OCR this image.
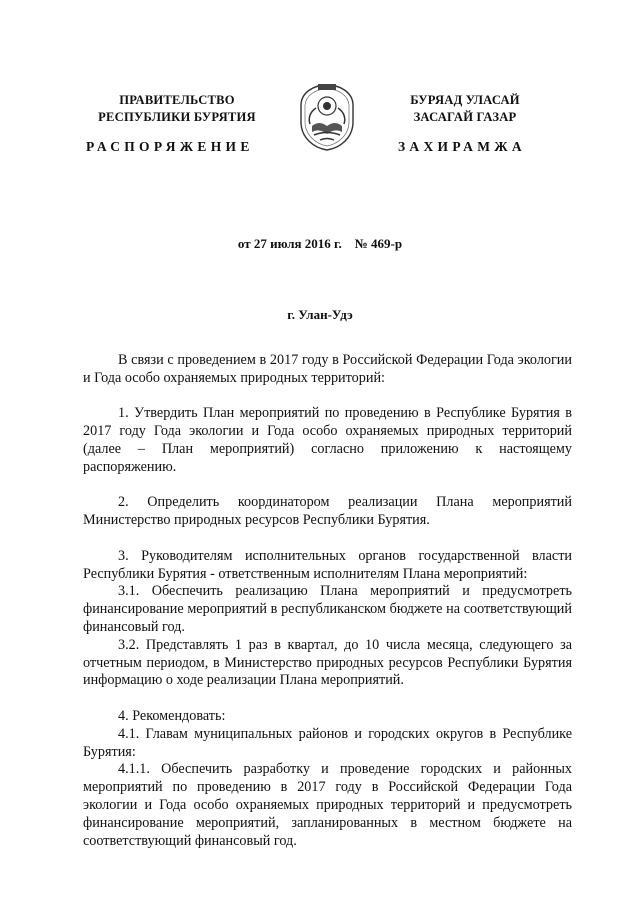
ПРАВИТЕЛЬСТВО
РЕСПУБЛИКИ БУРЯТИЯ
БУРЯАД УЛАСАЙ
ЗАСАГАЙ ГАЗАР
РАСПОРЯЖЕНИЕ	ЗАХИРАМЖА
от 27 июля 2016 г. № 469-р
г. Улан-Удэ

В связи с проведением в 2017 году в Российской Федерации Года экологии и Года особо охраняемых природных территорий:

1. Утвердить План мероприятий по проведению в Республике Бурятия в 2017 году Года экологии и Года особо охраняемых природных территорий (далее – План мероприятий) согласно приложению к настоящему распоряжению.

2. Определить координатором реализации Плана мероприятий Министерство природных ресурсов Республики Бурятия.

3. Руководителям исполнительных органов государственной власти Республики Бурятия - ответственным исполнителям Плана мероприятий:

3.1. Обеспечить реализацию Плана мероприятий и предусмотреть финансирование мероприятий в республиканском бюджете на соответствующий финансовый год.

3.2. Представлять 1 раз в квартал, до 10 числа месяца, следующего за отчетным периодом, в Министерство природных ресурсов Республики Бурятия информацию о ходе реализации Плана мероприятий.

4. Рекомендовать:

4.1. Главам муниципальных районов и городских округов в Республике Бурятия:

4.1.1. Обеспечить разработку и проведение городских и районных мероприятий по проведению в 2017 году в Российской Федерации Года экологии и Года особо охраняемых природных территорий и предусмотреть финансирование мероприятий, запланированных в местном бюджете на соответствующий финансовый год.
